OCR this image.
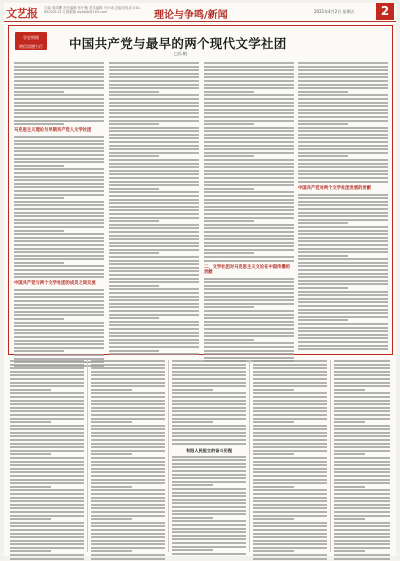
文艺报 主编 梁鸿鹰 责任编辑 张中楷 美术编辑 马小诺 总编室电话 010-65003113 订阅邮箱 wybbjb@163.com	理论与争鸣/新闻	2021年4月2日 星期五	2
学史明理
增信崇德力行	中国共产党与最早的两个现代文学社团
□冯 帆
马克思主义理论与早期共产党人文学社团
中国共产党与两个文学社团的成员之间交流
二、文学社团对马克思主义文论在中国传播的贡献
中国共产党对两个文学社团发展的贡献
有阳人民报立的奋斗历程
